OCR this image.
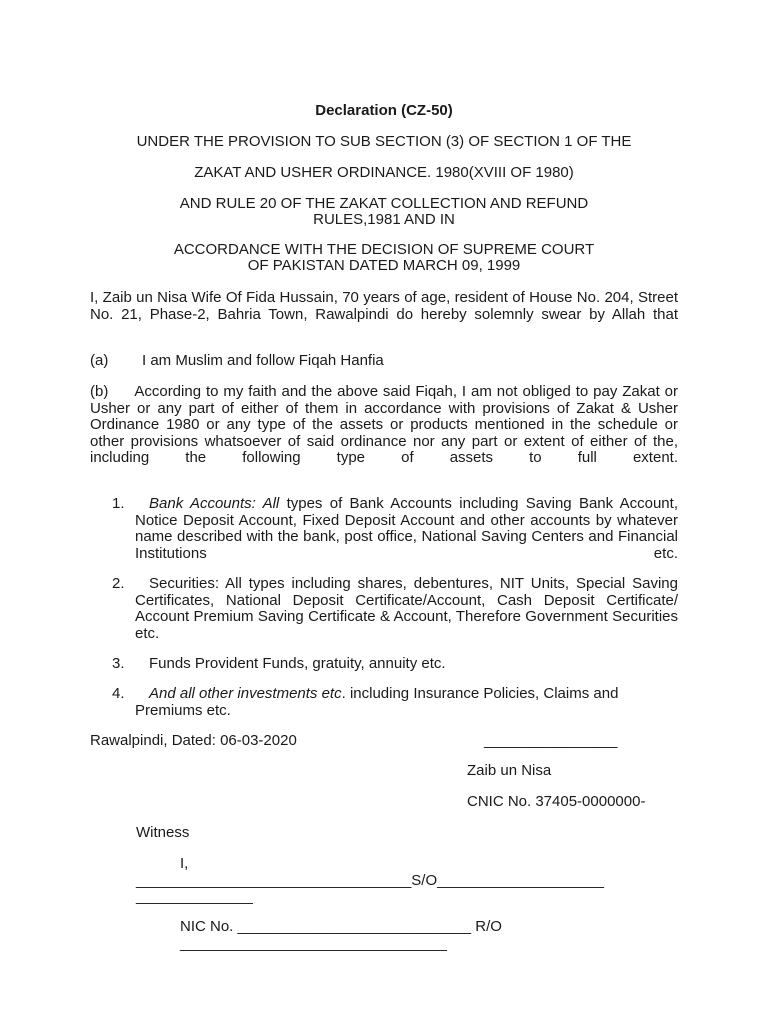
Declaration (CZ-50)
UNDER THE PROVISION TO SUB SECTION (3) OF SECTION 1 OF THE
ZAKAT AND USHER ORDINANCE. 1980(XVIII OF 1980)
AND RULE 20 OF THE ZAKAT COLLECTION AND REFUND
RULES,1981 AND IN
ACCORDANCE WITH THE DECISION OF SUPREME COURT
OF PAKISTAN DATED MARCH 09, 1999

I, Zaib un Nisa Wife Of Fida Hussain, 70 years of age, resident of House No. 204, Street No. 21, Phase-2, Bahria Town, Rawalpindi do hereby solemnly swear by Allah that

(a) I am Muslim and follow Fiqah Hanfia

(b) According to my faith and the above said Fiqah, I am not obliged to pay Zakat or Usher or any part of either of them in accordance with provisions of Zakat & Usher Ordinance 1980 or any type of the assets or products mentioned in the schedule or other provisions whatsoever of said ordinance nor any part or extent of either of the, including the following type of assets to full extent.

1.	Bank Accounts: All types of Bank Accounts including Saving Bank Account, Notice Deposit Account, Fixed Deposit Account and other accounts by whatever name described with the bank, post office, National Saving Centers and Financial Institutions etc.

2.	Securities: All types including shares, debentures, NIT Units, Special Saving Certificates, National Deposit Certificate/Account, Cash Deposit Certificate/ Account Premium Saving Certificate & Account, Therefore Government Securities etc.

3.	Funds Provident Funds, gratuity, annuity etc.

4.	And all other investments etc. including Insurance Policies, Claims and Premiums etc.

Rawalpindi, Dated: 06-03-2020	________________
Zaib un Nisa
CNIC No. 37405-0000000-
Witness
I,
_________________________________S/O____________________
______________
NIC No. ____________________________ R/O
________________________________
